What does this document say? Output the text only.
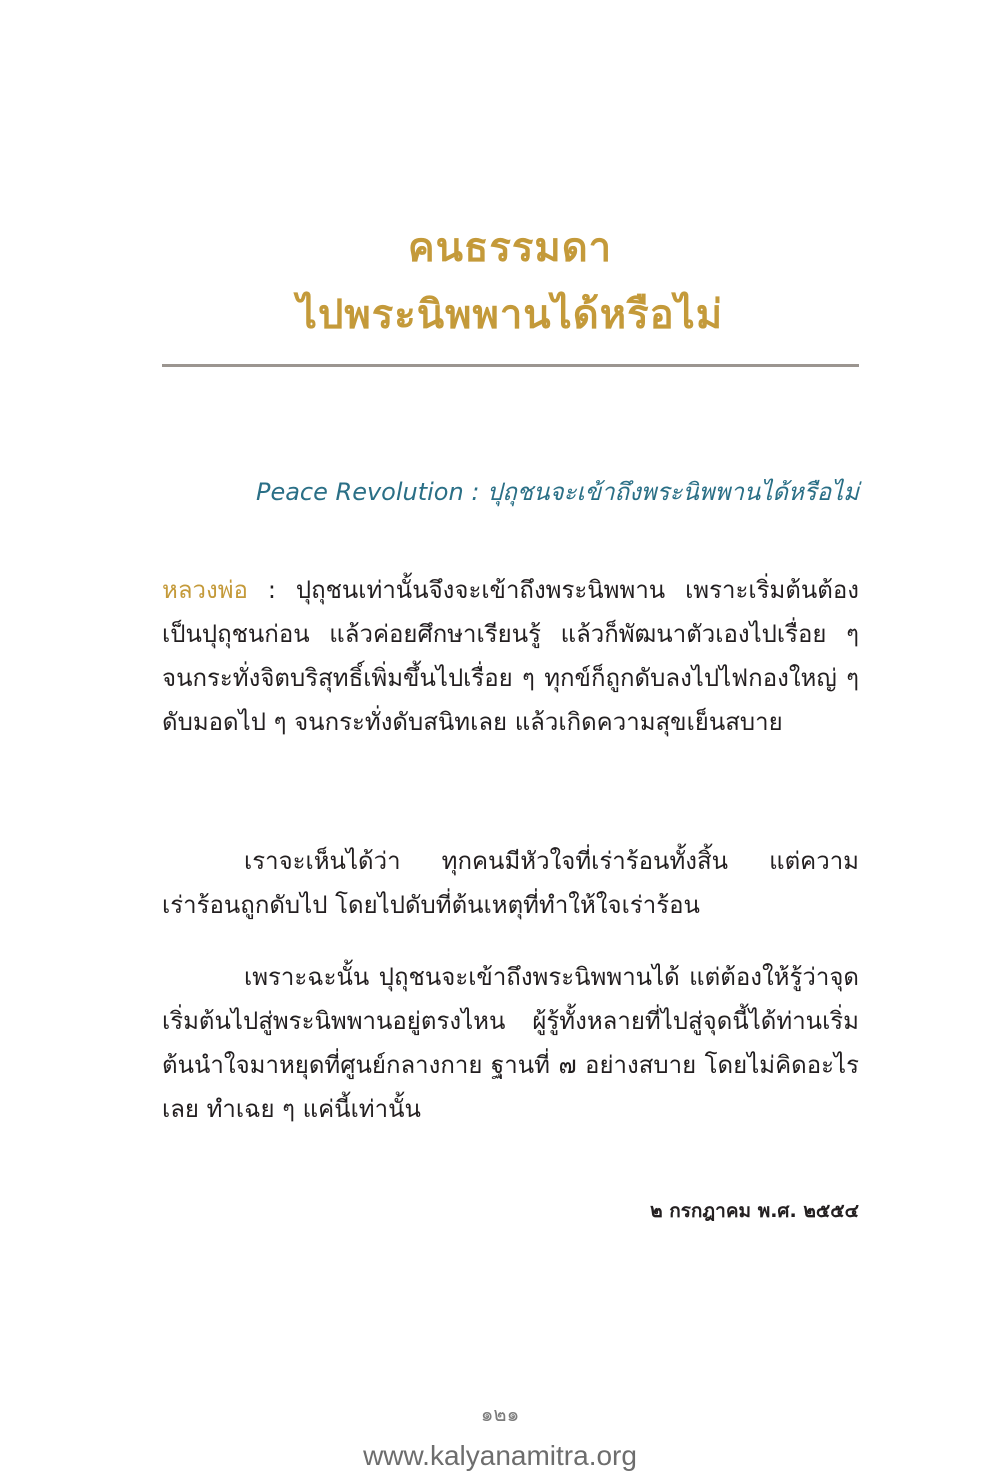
คนธรรมดา
ไปพระนิพพานได้หรือไม่

Peace Revolution : ปุถุชนจะเข้าถึงพระนิพพานได้หรือไม่

หลวงพ่อ : ปุถุชนเท่านั้นจึงจะเข้าถึงพระนิพพาน เพราะเริ่มต้นต้องเป็นปุถุชนก่อน แล้วค่อยศึกษาเรียนรู้ แล้วก็พัฒนาตัวเองไปเรื่อย ๆ จนกระทั่งจิตบริสุทธิ์เพิ่มขึ้นไปเรื่อย ๆ ทุกข์ก็ถูกดับลงไปไฟกองใหญ่ ๆ ดับมอดไป ๆ จนกระทั่งดับสนิทเลย แล้วเกิดความสุขเย็นสบาย

เราจะเห็นได้ว่า ทุกคนมีหัวใจที่เร่าร้อนทั้งสิ้น แต่ความเร่าร้อนถูกดับไป โดยไปดับที่ต้นเหตุที่ทำให้ใจเร่าร้อน

เพราะฉะนั้น ปุถุชนจะเข้าถึงพระนิพพานได้ แต่ต้องให้รู้ว่าจุดเริ่มต้นไปสู่พระนิพพานอยู่ตรงไหน ผู้รู้ทั้งหลายที่ไปสู่จุดนี้ได้ท่านเริ่มต้นนำใจมาหยุดที่ศูนย์กลางกาย ฐานที่ ๗ อย่างสบาย โดยไม่คิดอะไรเลย ทำเฉย ๆ แค่นี้เท่านั้น

๒ กรกฎาคม พ.ศ. ๒๕๕๔

๑๒๑

www.kalyanamitra.org
